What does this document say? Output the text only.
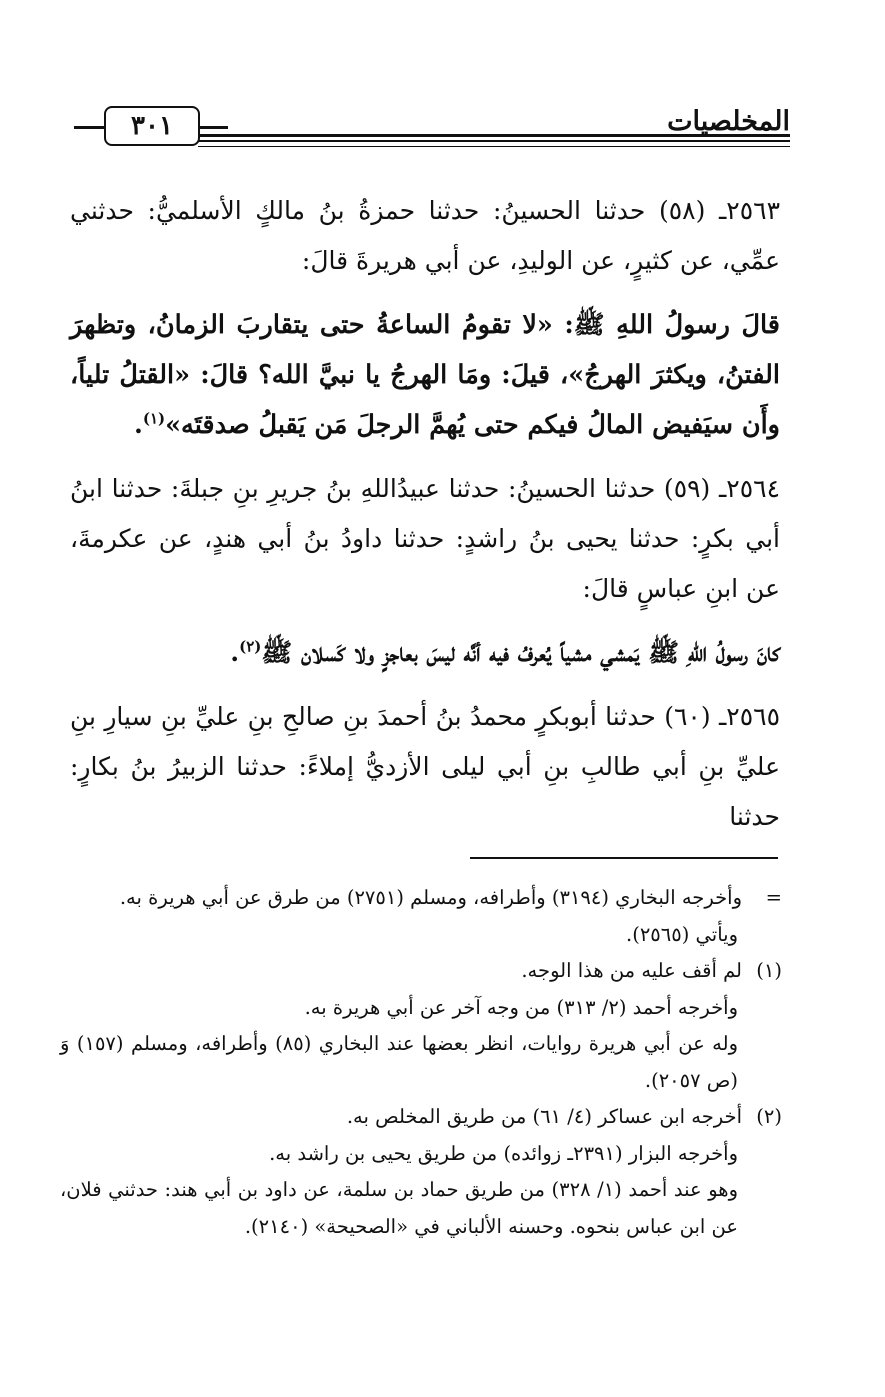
المخلصيات
٣٠١

٢٥٦٣ـ (٥٨) حدثنا الحسينُ: حدثنا حمزةُ بنُ مالكٍ الأسلميُّ: حدثني عمِّي، عن كثيرٍ، عن الوليدِ، عن أبي هريرةَ قالَ:

قالَ رسولُ اللهِ ﷺ: «لا تقومُ الساعةُ حتى يتقاربَ الزمانُ، وتظهرَ الفتنُ، ويكثرَ الهرجُ»، قيلَ: ومَا الهرجُ يا نبيَّ الله؟ قالَ: «القتلُ تلياً، وأَن سيَفيض المالُ فيكم حتى يُهمَّ الرجلَ مَن يَقبلُ صدقتَه»$^{(١)}$.

٢٥٦٤ـ (٥٩) حدثنا الحسينُ: حدثنا عبيدُاللهِ بنُ جريرِ بنِ جبلةَ: حدثنا ابنُ أبي بكرٍ: حدثنا يحيى بنُ راشدٍ: حدثنا داودُ بنُ أبي هندٍ، عن عكرمةَ، عن ابنِ عباسٍ قالَ:

كانَ رسولُ اللهِ ﷺ يَمشي مشياً يُعرفُ فيه أنَّه ليسَ بعاجزٍ ولا كَسلان ﷺ$^{(٢)}$.

٢٥٦٥ـ (٦٠) حدثنا أبوبكرٍ محمدُ بنُ أحمدَ بنِ صالحِ بنِ عليِّ بنِ سيارِ بنِ عليِّ بنِ أبي طالبِ بنِ أبي ليلى الأزديُّ إملاءً: حدثنا الزبيرُ بنُ بكارٍ: حدثنا

=وأخرجه البخاري (٣١٩٤) وأطرافه، ومسلم (٢٧٥١) من طرق عن أبي هريرة به.

ويأتي (٢٥٦٥).

(١)لم أقف عليه من هذا الوجه.

وأخرجه أحمد (٢/ ٣١٣) من وجه آخر عن أبي هريرة به.

وله عن أبي هريرة روايات، انظر بعضها عند البخاري (٨٥) وأطرافه، ومسلم (١٥٧) وَ (ص ٢٠٥٧).

(٢)أخرجه ابن عساكر (٤/ ٦١) من طريق المخلص به.

وأخرجه البزار (٢٣٩١ـ زوائده) من طريق يحيى بن راشد به.

وهو عند أحمد (١/ ٣٢٨) من طريق حماد بن سلمة، عن داود بن أبي هند: حدثني فلان، عن ابن عباس بنحوه. وحسنه الألباني في «الصحيحة» (٢١٤٠).
